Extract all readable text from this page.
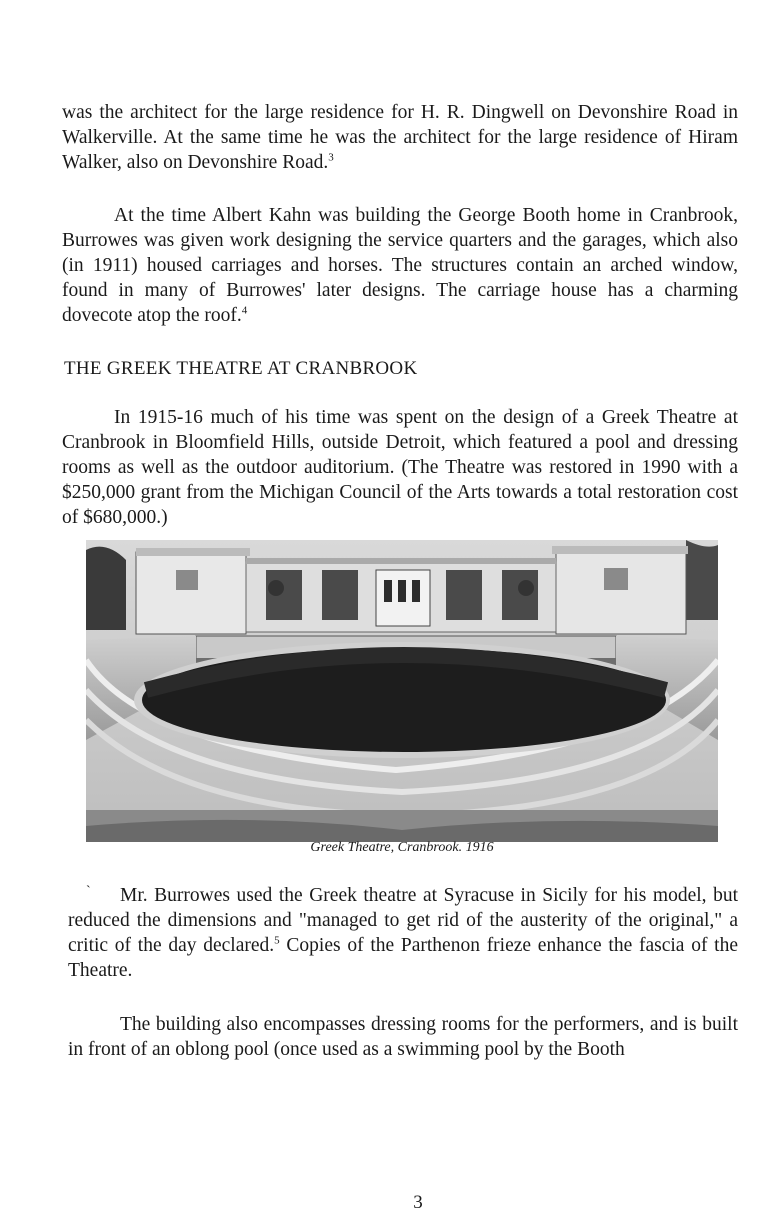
was the architect for the large residence for H. R. Dingwell on Devonshire Road in Walkerville. At the same time he was the architect for the large residence of Hiram Walker, also on Devonshire Road.$^3$

At the time Albert Kahn was building the George Booth home in Cranbrook, Burrowes was given work designing the service quarters and the garages, which also (in 1911) housed carriages and horses. The structures contain an arched window, found in many of Burrowes' later designs. The carriage house has a charming dovecote atop the roof.$^4$

THE GREEK THEATRE AT CRANBROOK

In 1915-16 much of his time was spent on the design of a Greek Theatre at Cranbrook in Bloomfield Hills, outside Detroit, which featured a pool and dressing rooms as well as the outdoor auditorium. (The Theatre was restored in 1990 with a $250,000 grant from the Michigan Council of the Arts towards a total restoration cost of $680,000.)

Greek Theatre, Cranbrook. 1916

`	Mr. Burrowes used the Greek theatre at Syracuse in Sicily for his model, but reduced the dimensions and "managed to get rid of the austerity of the original," a critic of the day declared.$^5$ Copies of the Parthenon frieze enhance the fascia of the Theatre.

The building also encompasses dressing rooms for the performers, and is built in front of an oblong pool (once used as a swimming pool by the Booth

3
